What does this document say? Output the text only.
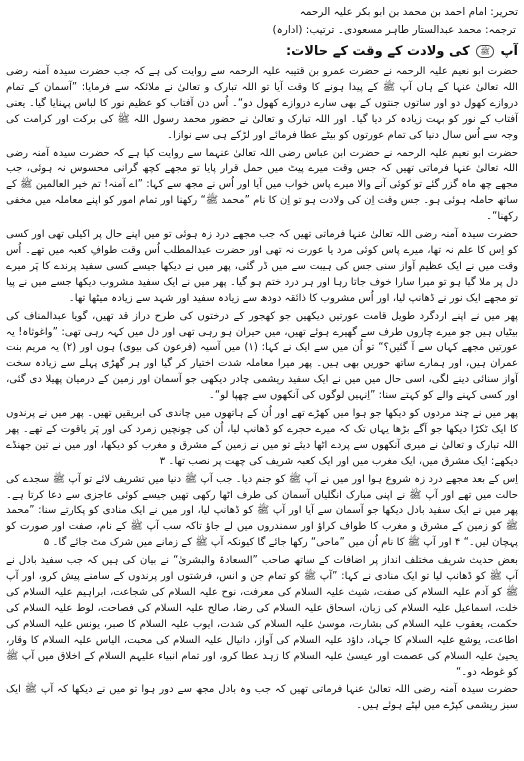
تحریر: امام احمد بن محمد بن ابو بکر علیہ الرحمہ
ترجمہ: محمد عبدالستار طاہر مسعودی۔ ترتیب: (ادارہ)
آپ ﷺ کی ولادت کے وقت کے حالات:

حضرت ابو نعیم علیہ الرحمہ نے حضرت عمرو بن قتیبہ علیہ الرحمہ سے روایت کی ہے کہ جب حضرت سیدہ آمنہ رضی اللہ تعالیٰ عنہا کے ہاں آپ ﷺ کے پیدا ہونے کا وقت آیا تو اللہ تبارک و تعالیٰ نے ملائکہ سے فرمایا: ”آسمان کے تمام دروازے کھول دو اور ساتوں جنتوں کے بھی سارے دروازے کھول دو“۔ اُس دن آفتاب کو عظیم نور کا لباس پہنایا گیا۔ یعنی آفتاب کے نور کو بہت زیادہ کر دیا گیا۔ اور اللہ تبارک و تعالیٰ نے حضور محمد رسول اللہ ﷺ کی برکت اور کرامت کی وجہ سے اُس سال دنیا کی تمام عورتوں کو بیٹے عطا فرمائے اور لڑکے ہی سے نوازا۔

حضرت ابو نعیم علیہ الرحمہ نے حضرت ابن عباس رضی اللہ تعالیٰ عنہما سے روایت کیا ہے کہ حضرت سیدہ آمنہ رضی اللہ تعالیٰ عنہا فرماتی تھیں کہ جس وقت میرے پیٹ میں حمل قرار پایا تو مجھے کچھ گرانی محسوس نہ ہوئی، جب مجھے چھ ماہ گزر گئے تو کوئی آنے والا میرے پاس خواب میں آیا اور اُس نے مجھ سے کہا: ”اے آمنہ! تم خیر العالمین ﷺ کے ساتھ حاملہ ہوئی ہو۔ جس وقت اِن کی ولادت ہو تو اِن کا نام ”محمد ﷺ“ رکھنا اور تمام امور کو اپنے معاملہ میں مخفی رکھنا“۔

حضرت سیدہ آمنہ رضی اللہ تعالیٰ عنہا فرماتی تھیں کہ جب مجھے درد زہ ہوئی تو میں اپنے حال پر اکیلی تھی اور کسی کو اِس کا علم نہ تھا، میرے پاس کوئی مرد یا عورت نہ تھی اور حضرت عبدالمطلب اُس وقت طوافِ کعبہ میں تھے۔ اُس وقت میں نے ایک عظیم آواز سنی جس کی ہیبت سے میں ڈر گئی، پھر میں نے دیکھا جیسے کسی سفید پرندے کا پَر میرے دل پر ملا گیا ہو تو میرا سارا خوف جاتا رہا اور ہر درد ختم ہو گیا۔ پھر میں نے ایک سفید مشروب دیکھا جسے میں نے پیا تو مجھے ایک نور نے ڈھانپ لیا، اور اُس مشروب کا ذائقہ دودھ سے زیادہ سفید اور شہد سے زیادہ میٹھا تھا۔

پھر میں نے اپنے اردگرد طویل قامت عورتیں دیکھیں جو کھجور کے درختوں کی طرح دراز قد تھیں، گویا عبدالمناف کی بیٹیاں ہیں جو میرے چاروں طرف سے گھیرے ہوئے تھیں، میں حیران ہو رہی تھی اور دل میں کہہ رہی تھی: ”واغوثاہ! یہ عورتیں مجھے کہاں سے آ گئیں؟“ تو اُن میں سے ایک نے کہا: (۱) میں آسیہ (فرعون کی بیوی) ہوں اور (۲) یہ مریم بنت عمران ہیں، اور ہمارے ساتھ حوریں بھی ہیں۔ پھر میرا معاملہ شدت اختیار کر گیا اور ہر گھڑی پہلے سے زیادہ سخت آواز سنائی دینے لگی، اسی حال میں میں نے ایک سفید ریشمی چادر دیکھی جو آسمان اور زمین کے درمیان پھیلا دی گئی، اور کسی کہنے والے کو کہتے سنا: ”اِنہیں لوگوں کی آنکھوں سے چھپا لو“۔

پھر میں نے چند مردوں کو دیکھا جو ہوا میں کھڑے تھے اور اُن کے ہاتھوں میں چاندی کی ابریقیں تھیں۔ پھر میں نے پرندوں کا ایک ٹکڑا دیکھا جو آگے بڑھا یہاں تک کہ میرے حجرے کو ڈھانپ لیا، اُن کی چونچیں زمرد کی اور پَر یاقوت کے تھے۔ پھر اللہ تبارک و تعالیٰ نے میری آنکھوں سے پردے اٹھا دیئے تو میں نے زمین کے مشرق و مغرب کو دیکھا، اور میں نے تین جھنڈے دیکھے: ایک مشرق میں، ایک مغرب میں اور ایک کعبہ شریف کی چھت پر نصب تھا۔ ۳

اِس کے بعد مجھے درد زہ شروع ہوا اور میں نے آپ ﷺ کو جنم دیا۔ جب آپ ﷺ دنیا میں تشریف لائے تو آپ ﷺ سجدے کی حالت میں تھے اور آپ ﷺ نے اپنی مبارک انگلیاں آسمان کی طرف اٹھا رکھی تھیں جیسے کوئی عاجزی سے دعا کرتا ہے۔ پھر میں نے ایک سفید بادل دیکھا جو آسمان سے آیا اور آپ ﷺ کو ڈھانپ لیا، اور میں نے ایک منادی کو پکارتے سنا: ”محمد ﷺ کو زمین کے مشرق و مغرب کا طواف کراؤ اور سمندروں میں لے جاؤ تاکہ سب آپ ﷺ کے نام، صفت اور صورت کو پہچان لیں۔“ ۴ اور آپ ﷺ کا نام اُن میں ”ماحی“ رکھا جائے گا کیونکہ آپ ﷺ کے زمانے میں شرک مٹ جائے گا۔ ۵

بعض حدیث شریف مختلف انداز پر اضافات کے ساتھ صاحب ”السعادۃ والبشریٰ“ نے بیان کی ہیں کہ جب سفید بادل نے آپ ﷺ کو ڈھانپ لیا تو ایک منادی نے کہا: ”آپ ﷺ کو تمام جن و انس، فرشتوں اور پرندوں کے سامنے پیش کرو، اور آپ ﷺ کو آدم علیہ السلام کی صفت، شیث علیہ السلام کی معرفت، نوح علیہ السلام کی شجاعت، ابراہیم علیہ السلام کی خلت، اسماعیل علیہ السلام کی زبان، اسحاق علیہ السلام کی رضا، صالح علیہ السلام کی فصاحت، لوط علیہ السلام کی حکمت، یعقوب علیہ السلام کی بشارت، موسیٰ علیہ السلام کی شدت، ایوب علیہ السلام کا صبر، یونس علیہ السلام کی اطاعت، یوشع علیہ السلام کا جہاد، داؤد علیہ السلام کی آواز، دانیال علیہ السلام کی محبت، الیاس علیہ السلام کا وقار، یحییٰ علیہ السلام کی عصمت اور عیسیٰ علیہ السلام کا زہد عطا کرو، اور تمام انبیاء علیہم السلام کے اخلاق میں آپ ﷺ کو غوطہ دو۔“

حضرت سیدہ آمنہ رضی اللہ تعالیٰ عنہا فرماتی تھیں کہ جب وہ بادل مجھ سے دور ہوا تو میں نے دیکھا کہ آپ ﷺ ایک سبز ریشمی کپڑے میں لپٹے ہوئے ہیں۔
